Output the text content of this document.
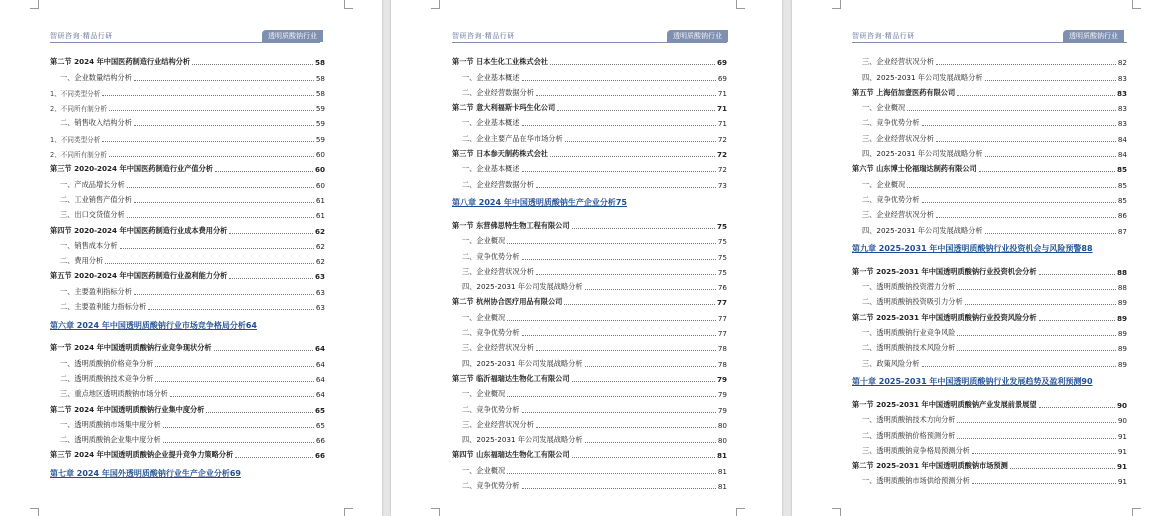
智研咨询·精品行研	透明质酸钠行业
第二节 2024 年中国医药制造行业结构分析	58
一、企业数量结构分析	58
1、不同类型分析	58
2、不同所有制分析	59
二、销售收入结构分析	59
1、不同类型分析	59
2、不同所有制分析	60
第三节 2020-2024 年中国医药制造行业产值分析	60
一、产成品增长分析	60
二、工业销售产值分析	61
三、出口交货值分析	61
第四节 2020-2024 年中国医药制造行业成本费用分析	62
一、销售成本分析	62
二、费用分析	62
第五节 2020-2024 年中国医药制造行业盈利能力分析	63
一、主要盈利指标分析	63
二、主要盈利能力指标分析	63
第六章 2024 年中国透明质酸钠行业市场竞争格局分析 64
第一节 2024 年中国透明质酸钠行业竞争现状分析	64
一、透明质酸钠价格竞争分析	64
二、透明质酸钠技术竞争分析	64
三、重点地区透明质酸钠市场分析	64
第二节 2024 年中国透明质酸钠行业集中度分析	65
一、透明质酸钠市场集中度分析	65
二、透明质酸钠企业集中度分析	66
第三节 2024 年中国透明质酸钠企业提升竞争力策略分析	66
第七章 2024 年国外透明质酸钠行业生产企业分析 69
智研咨询·精品行研	透明质酸钠行业
第一节 日本生化工业株式会社	69
一、企业基本概述	69
二、企业经营数据分析	71
第二节 意大利福斯卡玛生化公司	71
一、企业基本概述	71
二、企业主要产品在华市场分析	72
第三节 日本参天制药株式会社	72
一、企业基本概述	72
二、企业经营数据分析	73
第八章 2024 年中国透明质酸钠生产企业分析 75
第一节 东营佛思特生物工程有限公司	75
一、企业概况	75
二、竞争优势分析	75
三、企业经营状况分析	75
四、2025-2031 年公司发展战略分析	76
第二节 杭州协合医疗用品有限公司	77
一、企业概况	77
二、竞争优势分析	77
三、企业经营状况分析	78
四、2025-2031 年公司发展战略分析	78
第三节 临沂福瑞达生物化工有限公司	79
一、企业概况	79
二、竞争优势分析	79
三、企业经营状况分析	80
四、2025-2031 年公司发展战略分析	80
第四节 山东福瑞达生物化工有限公司	81
一、企业概况	81
二、竞争优势分析	81
智研咨询·精品行研	透明质酸钠行业
三、企业经营状况分析	82
四、2025-2031 年公司发展战略分析	83
第五节 上海佰加壹医药有限公司	83
一、企业概况	83
二、竞争优势分析	83
三、企业经营状况分析	84
四、2025-2031 年公司发展战略分析	84
第六节 山东博士伦福瑞达制药有限公司	85
一、企业概况	85
二、竞争优势分析	85
三、企业经营状况分析	86
四、2025-2031 年公司发展战略分析	87
第九章 2025-2031 年中国透明质酸钠行业投资机会与风险预警 88
第一节 2025-2031 年中国透明质酸钠行业投资机会分析	88
一、透明质酸钠投资潜力分析	88
二、透明质酸钠投资吸引力分析	89
第二节 2025-2031 年中国透明质酸钠行业投资风险分析	89
一、透明质酸钠行业竞争风险	89
二、透明质酸钠技术风险分析	89
三、政策风险分析	89
第十章 2025-2031 年中国透明质酸钠行业发展趋势及盈利预测 90
第一节 2025-2031 年中国透明质酸钠产业发展前景展望	90
一、透明质酸钠技术方向分析	90
二、透明质酸钠价格预测分析	91
三、透明质酸钠竞争格局预测分析	91
第二节 2025-2031 年中国透明质酸钠市场预测	91
一、透明质酸钠市场供给预测分析	91
